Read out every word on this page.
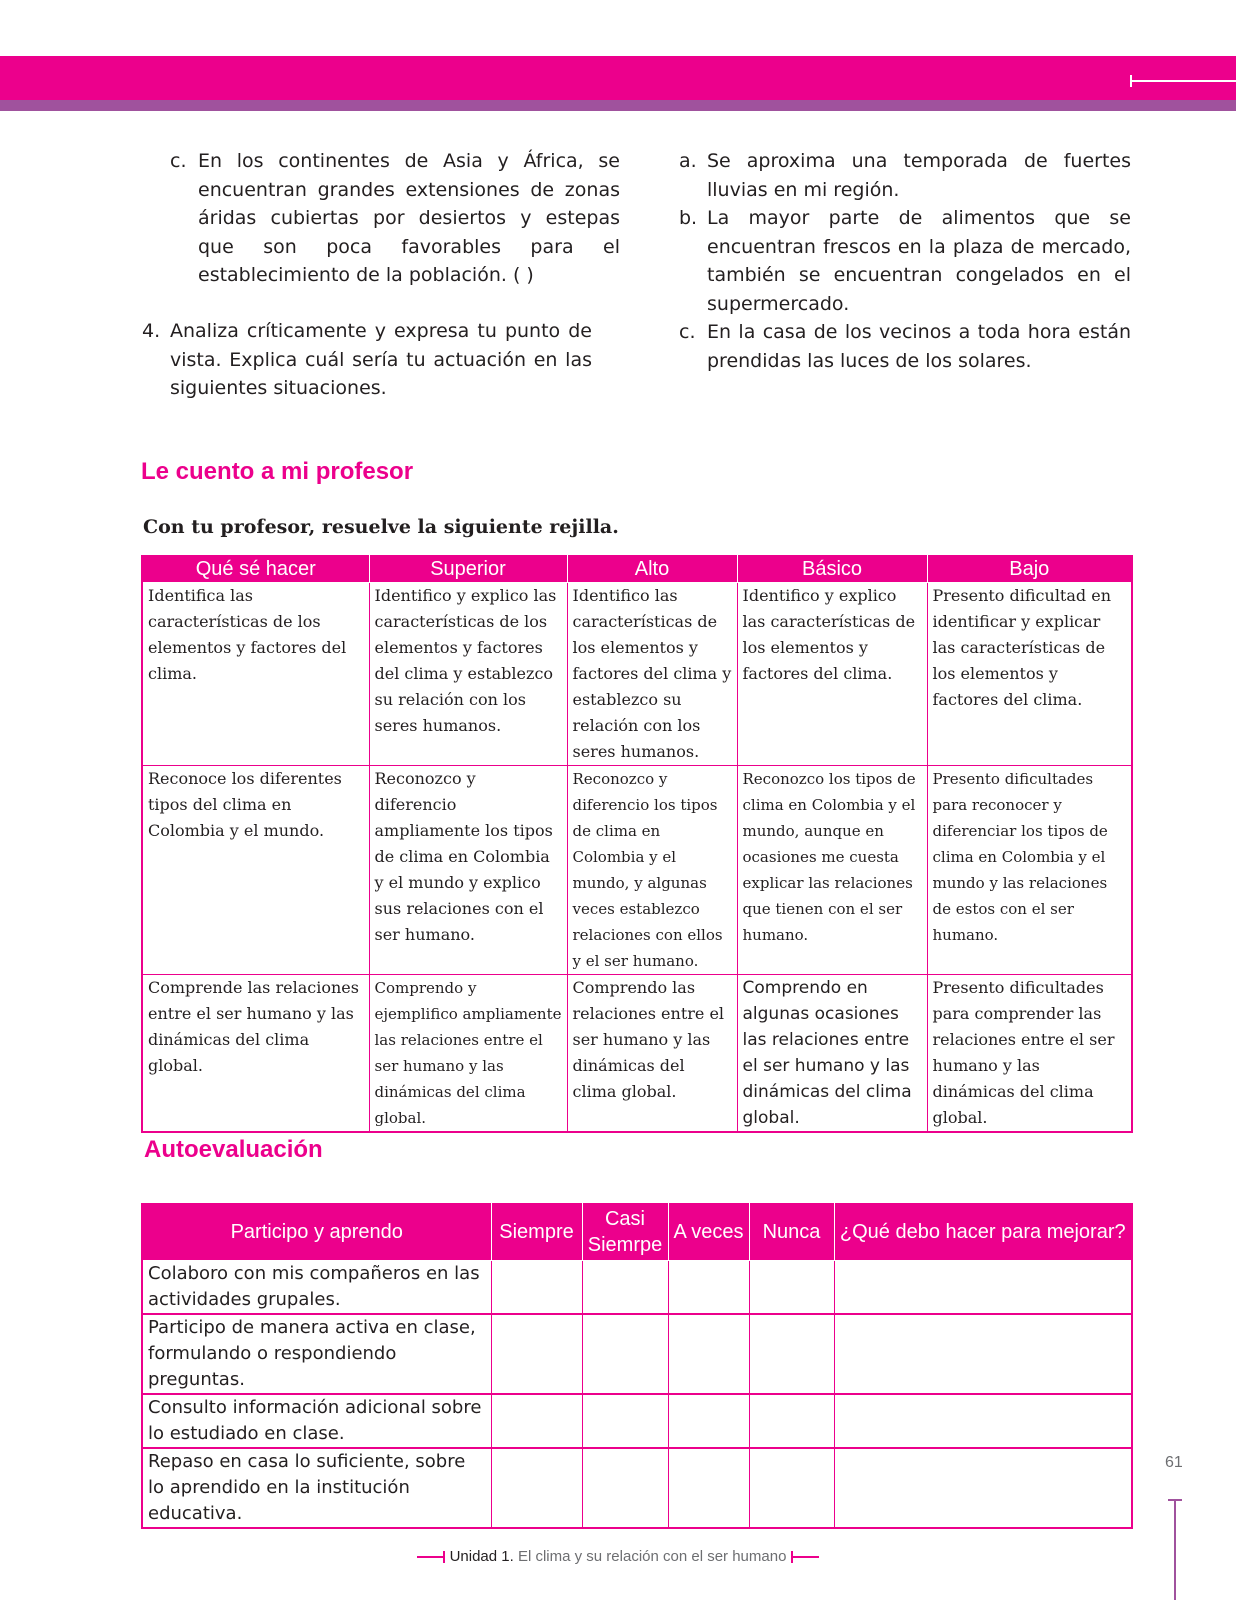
c. En los continentes de Asia y África, se encuentran grandes extensiones de zonas áridas cubiertas por desiertos y estepas que son poca favorables para el establecimiento de la población. ( )

4. Analiza críticamente y expresa tu punto de vista. Explica cuál sería tu actuación en las siguientes situaciones.

a. Se aproxima una temporada de fuertes lluvias en mi región.

b. La mayor parte de alimentos que se encuentran frescos en la plaza de mercado, también se encuentran congelados en el supermercado.

c. En la casa de los vecinos a toda hora están prendidas las luces de los solares.

Le cuento a mi profesor
Con tu profesor, resuelve la siguiente rejilla.
Qué sé hacer	Superior	Alto	Básico	Bajo
Identifica las características de los elementos y factores del clima.	Identifico y explico las características de los elementos y factores del clima y establezco su relación con los seres humanos.	Identifico las características de los elementos y factores del clima y establezco su relación con los seres humanos.	Identifico y explico las características de los elementos y factores del clima.	Presento dificultad en identificar y explicar las características de los elementos y factores del clima.
Reconoce los diferentes tipos del clima en Colombia y el mundo.	Reconozco y diferencio ampliamente los tipos de clima en Colombia y el mundo y explico sus relaciones con el ser humano.	Reconozco y diferencio los tipos de clima en Colombia y el mundo, y algunas veces establezco relaciones con ellos y el ser humano.	Reconozco los tipos de clima en Colombia y el mundo, aunque en ocasiones me cuesta explicar las relaciones que tienen con el ser humano.	Presento dificultades para reconocer y diferenciar los tipos de clima en Colombia y el mundo y las relaciones de estos con el ser humano.
Comprende las relaciones entre el ser humano y las dinámicas del clima global.	Comprendo y ejemplifico ampliamente las relaciones entre el ser humano y las dinámicas del clima global.	Comprendo las relaciones entre el ser humano y las dinámicas del clima global.	Comprendo en algunas ocasiones las relaciones entre el ser humano y las dinámicas del clima global.	Presento dificultades para comprender las relaciones entre el ser humano y las dinámicas del clima global.
Autoevaluación
Participo y aprendo	Siempre	Casi Siemrpe	A veces	Nunca	¿Qué debo hacer para mejorar?
Colaboro con mis compañeros en las actividades grupales.					
Participo de manera activa en clase, formulando o respondiendo preguntas.					
Consulto información adicional sobre lo estudiado en clase.					
Repaso en casa lo suficiente, sobre lo aprendido en la institución educativa.					
61
Unidad 1. El clima y su relación con el ser humano
